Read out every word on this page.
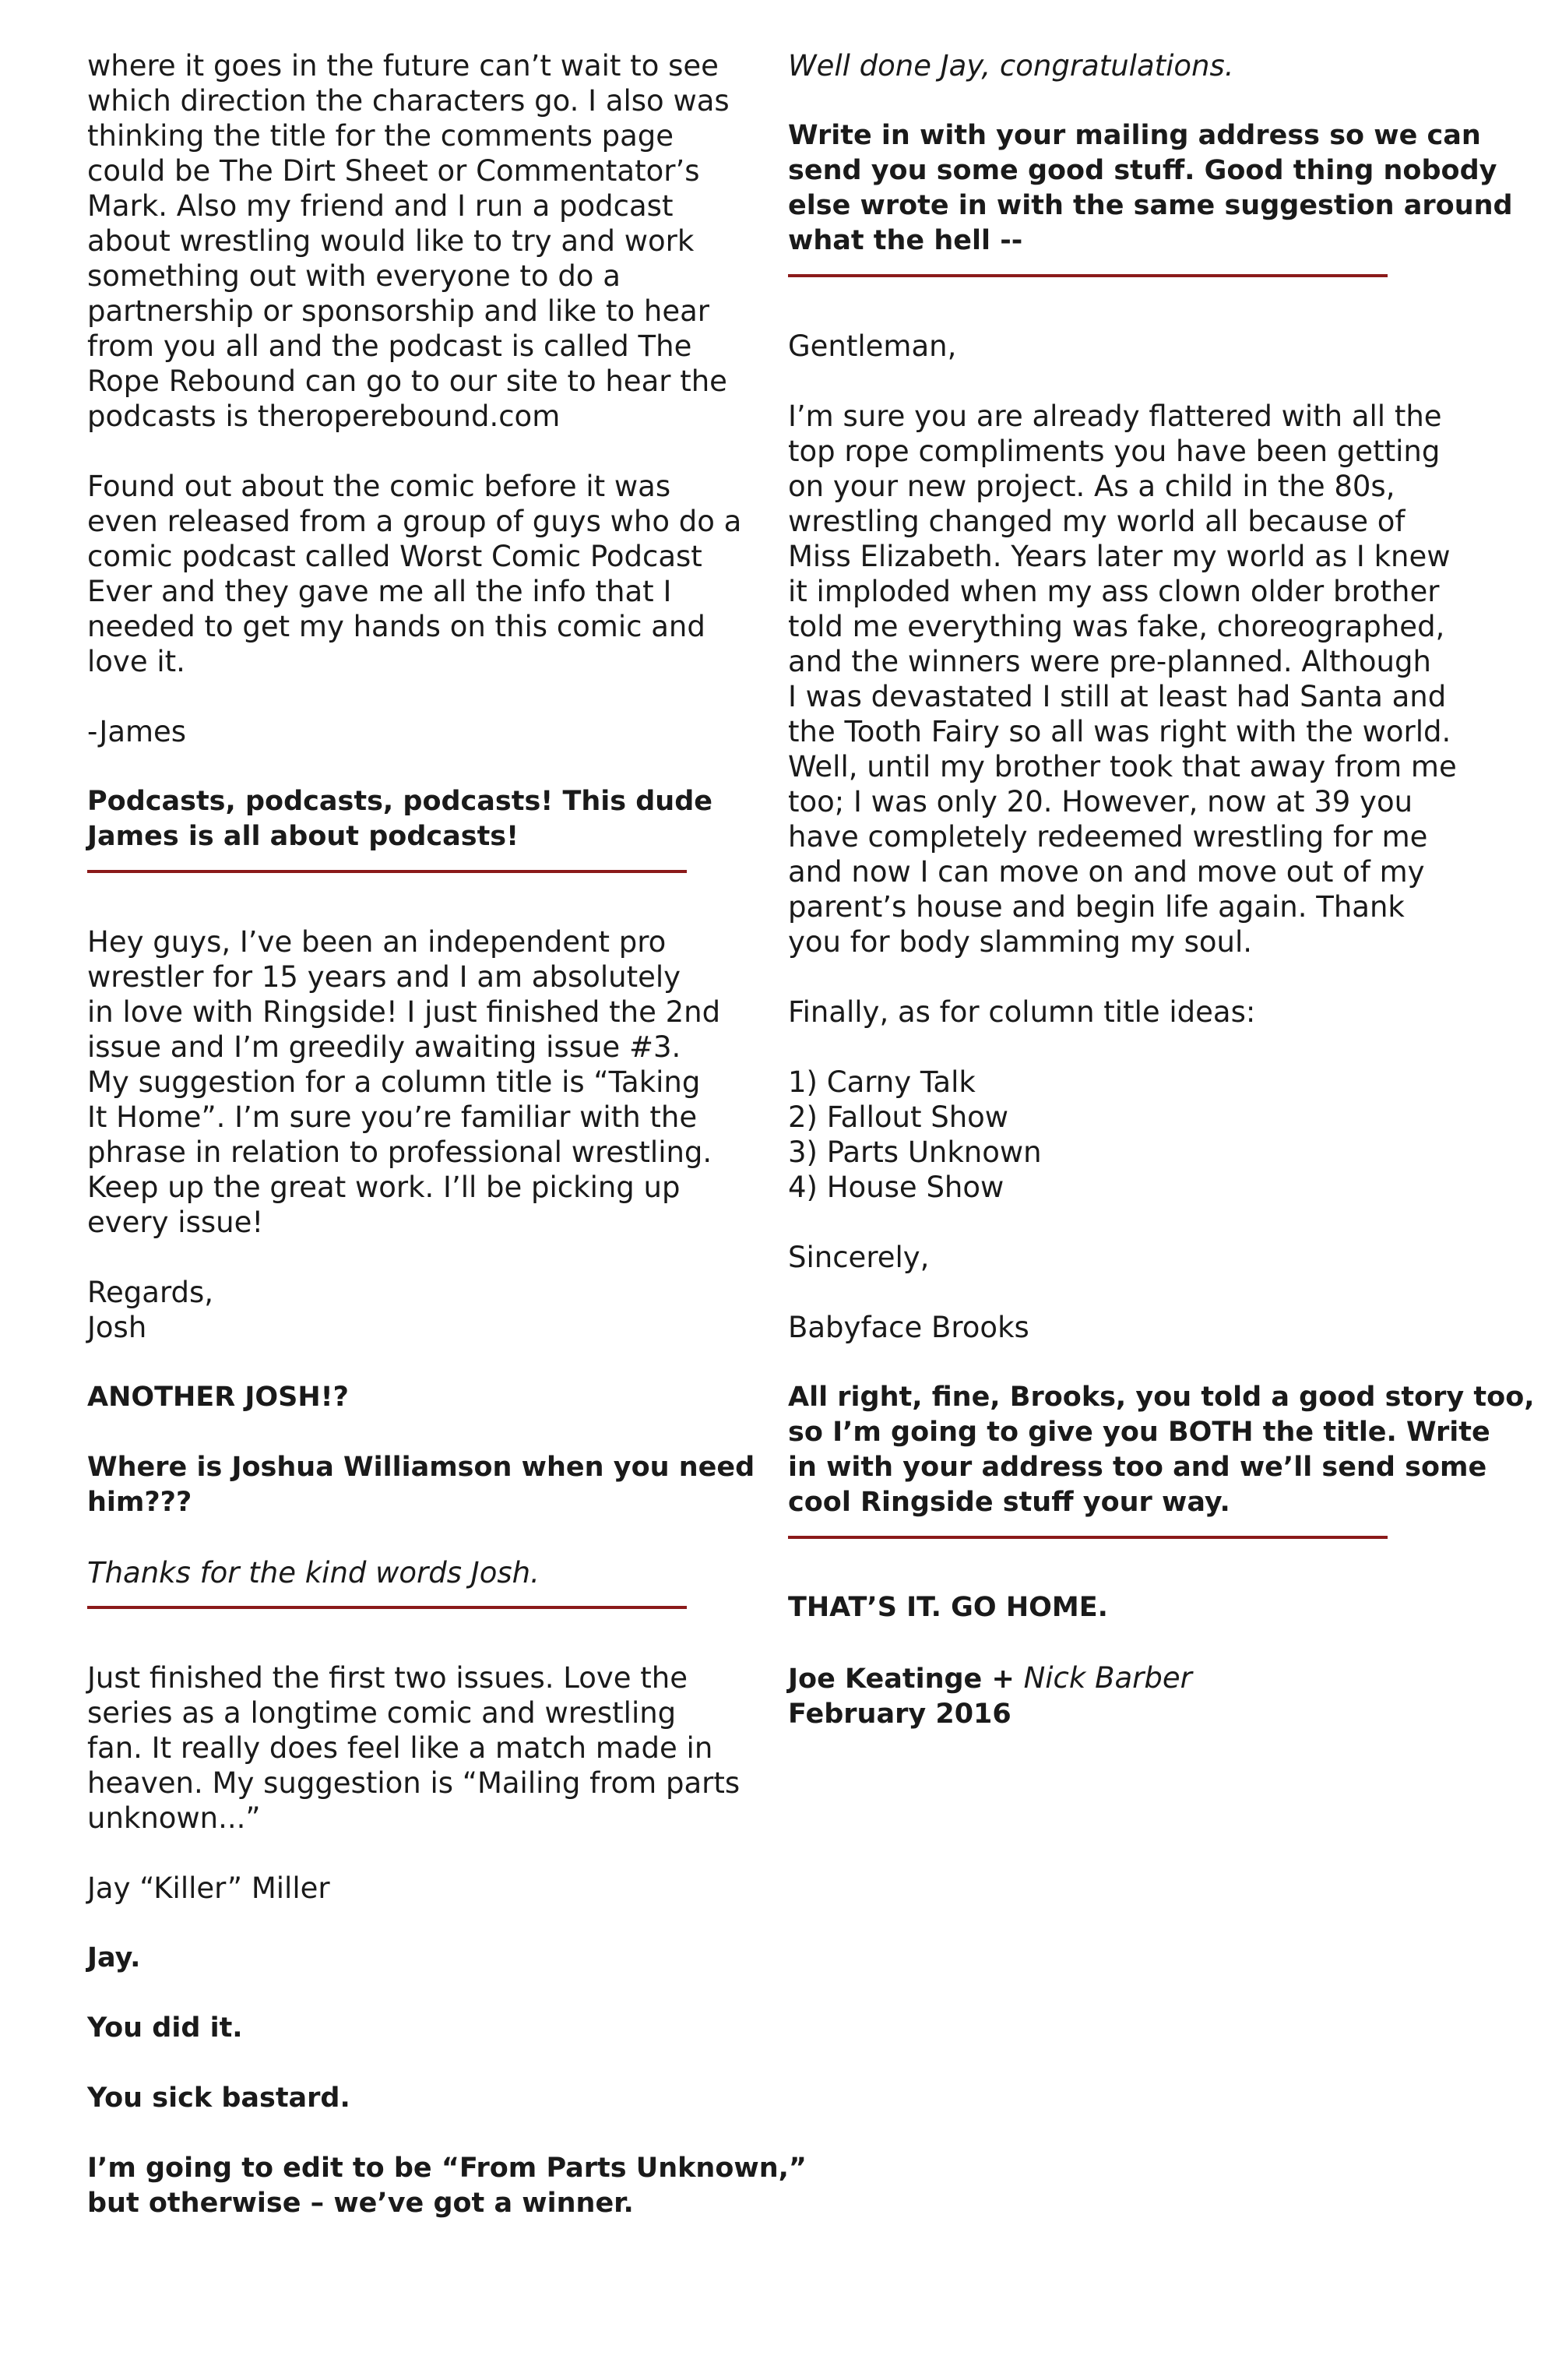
where it goes in the future can’t wait to see
which direction the characters go. I also was
thinking the title for the comments page
could be The Dirt Sheet or Commentator’s
Mark. Also my friend and I run a podcast
about wrestling would like to try and work
something out with everyone to do a
partnership or sponsorship and like to hear
from you all and the podcast is called The
Rope Rebound can go to our site to hear the
podcasts is theroperebound.com
Found out about the comic before it was
even released from a group of guys who do a
comic podcast called Worst Comic Podcast
Ever and they gave me all the info that I
needed to get my hands on this comic and
love it.
-James
Podcasts, podcasts, podcasts! This dude
James is all about podcasts!
Hey guys, I’ve been an independent pro
wrestler for 15 years and I am absolutely
in love with Ringside! I just finished the 2nd
issue and I’m greedily awaiting issue #3.
My suggestion for a column title is “Taking
It Home”. I’m sure you’re familiar with the
phrase in relation to professional wrestling.
Keep up the great work. I’ll be picking up
every issue!
Regards,
Josh
ANOTHER JOSH!?
Where is Joshua Williamson when you need
him???
Thanks for the kind words Josh.
Just finished the first two issues. Love the
series as a longtime comic and wrestling
fan. It really does feel like a match made in
heaven. My suggestion is “Mailing from parts
unknown...”
Jay “Killer” Miller
Jay.
You did it.
You sick bastard.
I’m going to edit to be “From Parts Unknown,”
but otherwise – we’ve got a winner.
Well done Jay, congratulations.
Write in with your mailing address so we can
send you some good stuff. Good thing nobody
else wrote in with the same suggestion around
what the hell --
Gentleman,
I’m sure you are already flattered with all the
top rope compliments you have been getting
on your new project. As a child in the 80s,
wrestling changed my world all because of
Miss Elizabeth. Years later my world as I knew
it imploded when my ass clown older brother
told me everything was fake, choreographed,
and the winners were pre-planned. Although
I was devastated I still at least had Santa and
the Tooth Fairy so all was right with the world.
Well, until my brother took that away from me
too; I was only 20. However, now at 39 you
have completely redeemed wrestling for me
and now I can move on and move out of my
parent’s house and begin life again. Thank
you for body slamming my soul.
Finally, as for column title ideas:
1) Carny Talk
2) Fallout Show
3) Parts Unknown
4) House Show
Sincerely,
Babyface Brooks
All right, fine, Brooks, you told a good story too,
so I’m going to give you BOTH the title. Write
in with your address too and we’ll send some
cool Ringside stuff your way.
THAT’S IT. GO HOME.
Joe Keatinge + Nick Barber
February 2016
